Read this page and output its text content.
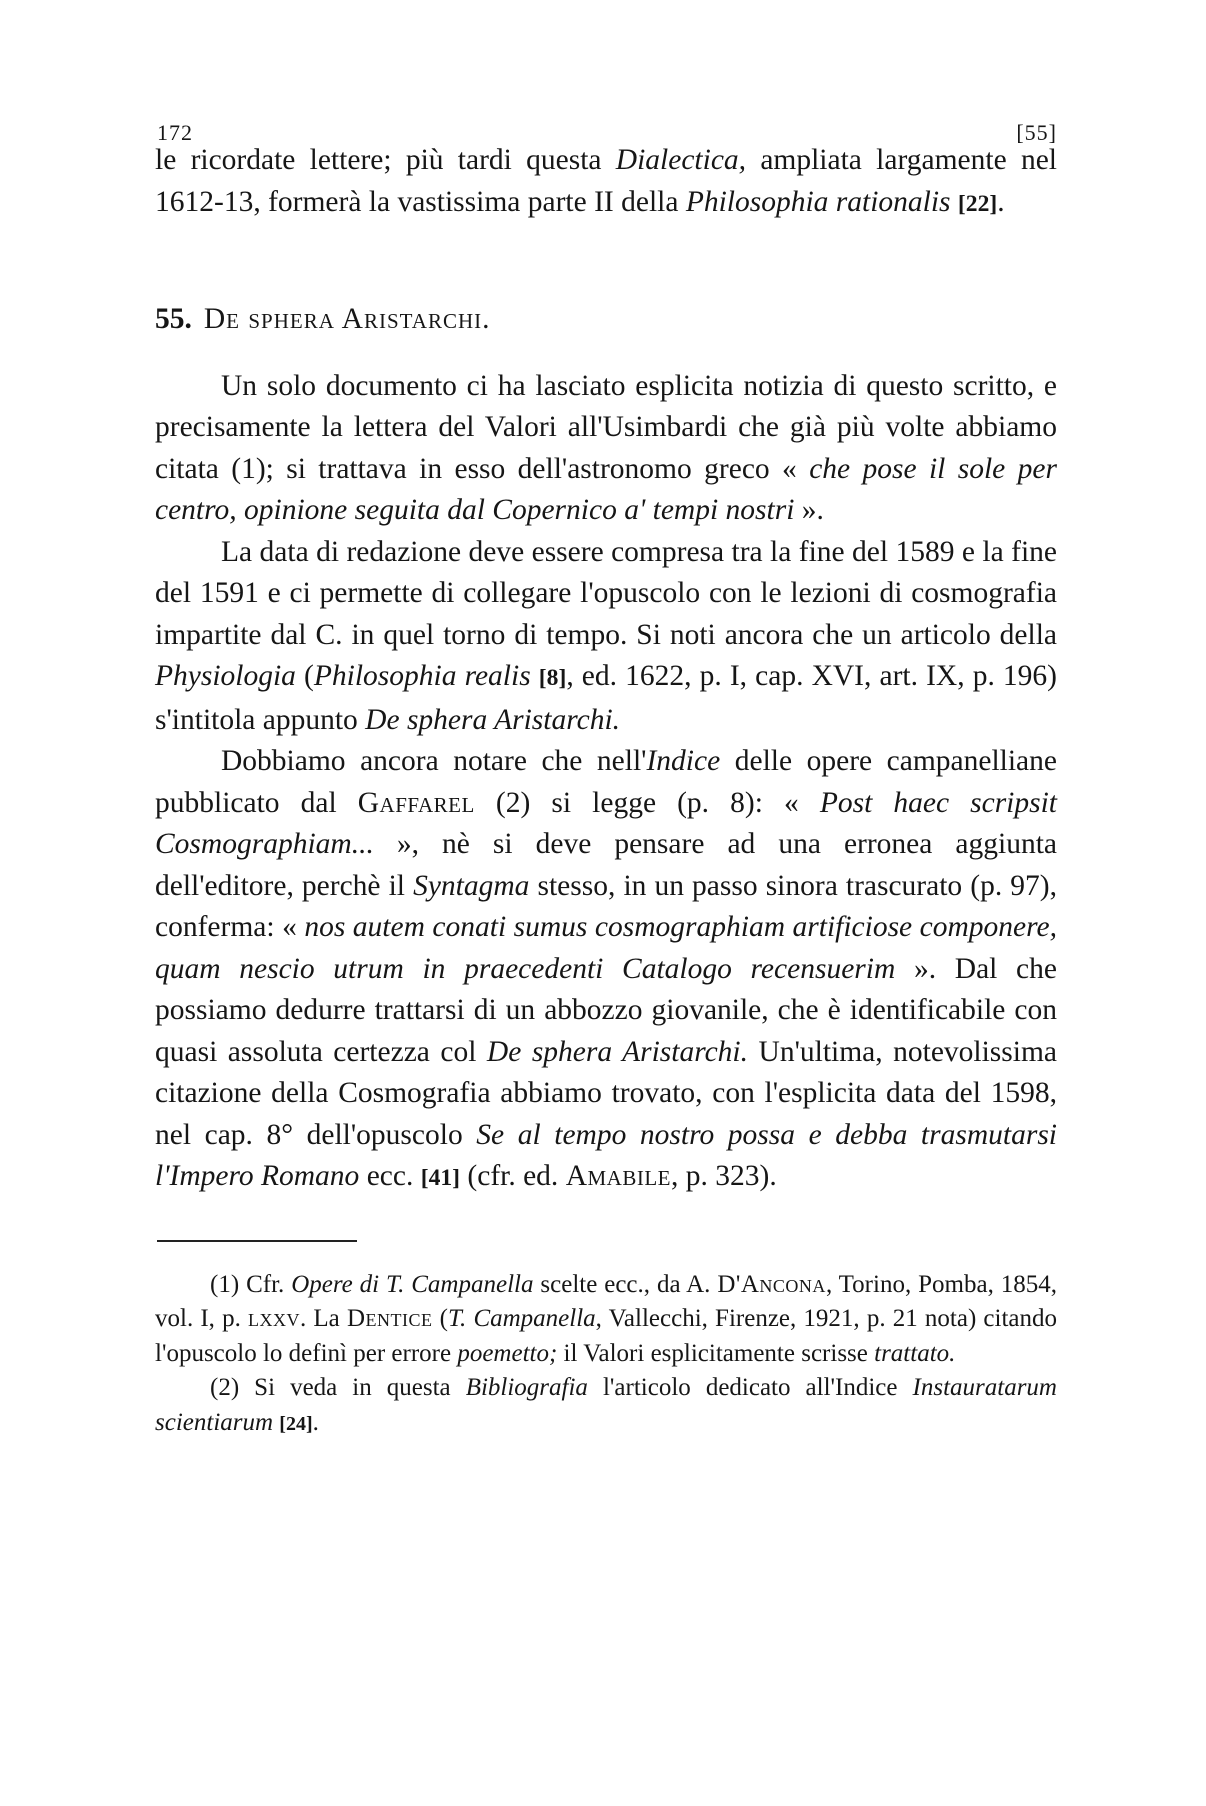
172	[55]

le ricordate lettere; più tardi questa Dialectica, ampliata largamente nel 1612-13, formerà la vastissima parte II della Philosophia rationalis [22].

55. De sphera Aristarchi.

Un solo documento ci ha lasciato esplicita notizia di questo scritto, e precisamente la lettera del Valori all'Usimbardi che già più volte abbiamo citata (1); si trattava in esso dell'astronomo greco « che pose il sole per centro, opinione seguita dal Copernico a' tempi nostri ».

La data di redazione deve essere compresa tra la fine del 1589 e la fine del 1591 e ci permette di collegare l'opuscolo con le lezioni di cosmografia impartite dal C. in quel torno di tempo. Si noti ancora che un articolo della Physiologia (Philosophia realis [8], ed. 1622, p. I, cap. XVI, art. IX, p. 196) s'intitola appunto De sphera Aristarchi.

Dobbiamo ancora notare che nell'Indice delle opere campanelliane pubblicato dal Gaffarel (2) si legge (p. 8): « Post haec scripsit Cosmographiam... », nè si deve pensare ad una erronea aggiunta dell'editore, perchè il Syntagma stesso, in un passo sinora trascurato (p. 97), conferma: « nos autem conati sumus cosmographiam artificiose componere, quam nescio utrum in praecedenti Catalogo recensuerim ». Dal che possiamo dedurre trattarsi di un abbozzo giovanile, che è identificabile con quasi assoluta certezza col De sphera Aristarchi. Un'ultima, notevolissima citazione della Cosmografia abbiamo trovato, con l'esplicita data del 1598, nel cap. 8° dell'opuscolo Se al tempo nostro possa e debba trasmutarsi l'Impero Romano ecc. [41] (cfr. ed. Amabile, p. 323).

(1) Cfr. Opere di T. Campanella scelte ecc., da A. D'Ancona, Torino, Pomba, 1854, vol. I, p. lxxv. La Dentice (T. Campanella, Vallecchi, Firenze, 1921, p. 21 nota) citando l'opuscolo lo definì per errore poemetto; il Valori esplicitamente scrisse trattato.

(2) Si veda in questa Bibliografia l'articolo dedicato all'Indice Instauratarum scientiarum [24].
